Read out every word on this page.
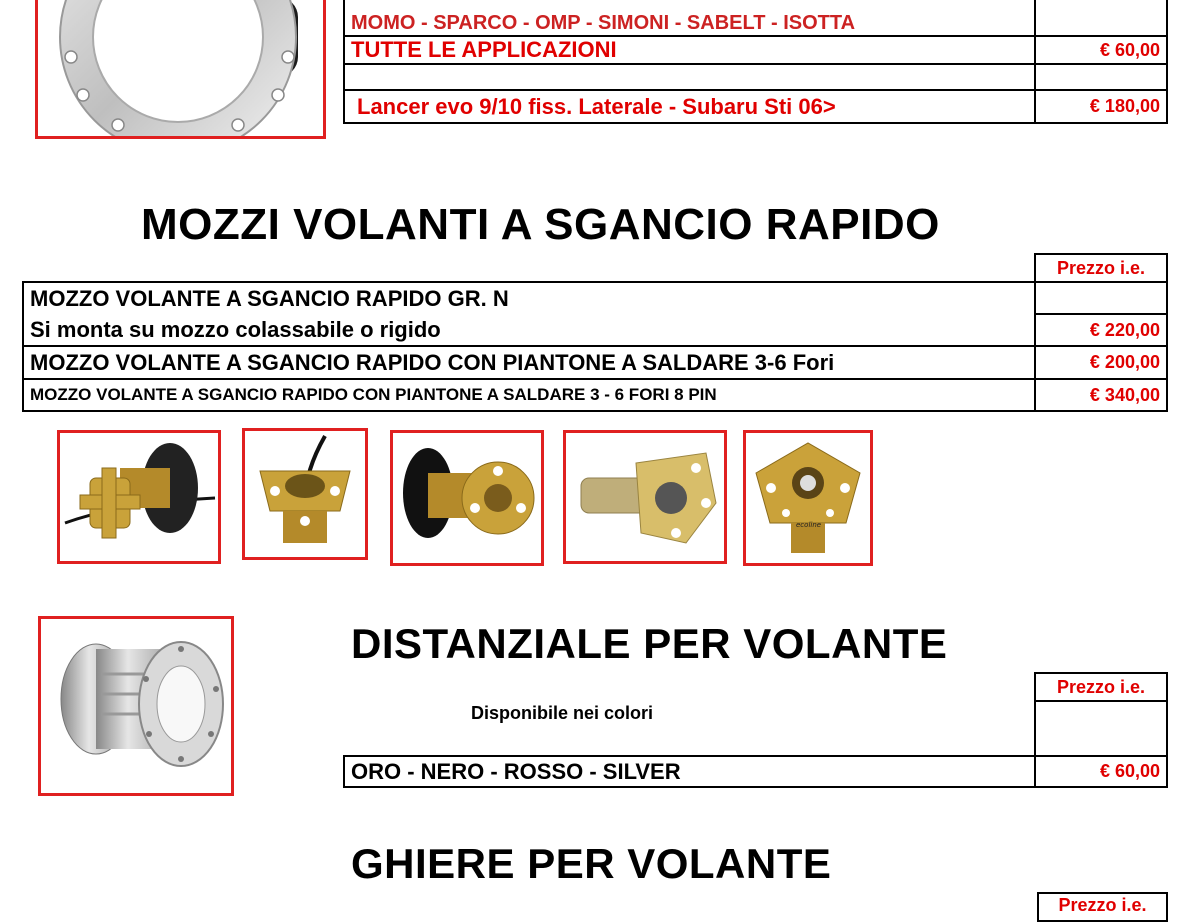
MOMO - SPARCO - OMP - SIMONI - SABELT - ISOTTA	
TUTTE LE APPLICAZIONI	€ 60,00

Lancer evo 9/10 fiss. Laterale - Subaru Sti 06>	€ 180,00
MOZZI VOLANTI A SGANCIO RAPIDO
	Prezzo i.e.
MOZZO VOLANTE A SGANCIO RAPIDO GR. N	
Si monta su mozzo colassabile o rigido	€ 220,00
MOZZO VOLANTE A SGANCIO RAPIDO CON PIANTONE A SALDARE 3-6 Fori	€ 200,00
MOZZO VOLANTE A SGANCIO RAPIDO CON PIANTONE A SALDARE 3 - 6 FORI 8 PIN	€ 340,00
ecoline
DISTANZIALE PER VOLANTE
Disponibile nei colori
	Prezzo i.e.

ORO - NERO - ROSSO - SILVER	€ 60,00
GHIERE PER VOLANTE
Prezzo i.e.
